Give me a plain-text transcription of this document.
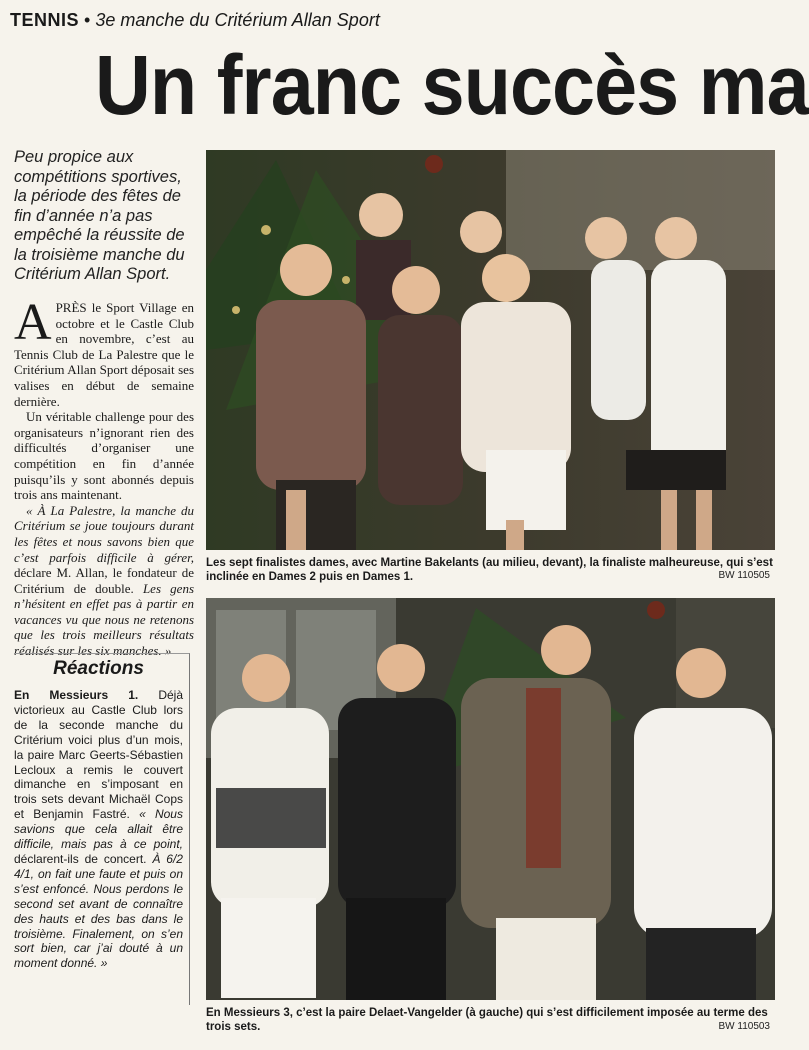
TENNIS • 3e manche du Critérium Allan Sport
Un franc succès ma
Peu propice aux compétitions sportives, la période des fêtes de fin d’année n’a pas empêché la réussite de la troisième manche du Critérium Allan Sport.

APRÈS le Sport Village en octobre et le Castle Club en novembre, c’est au Tennis Club de La Palestre que le Critérium Allan Sport déposait ses valises en début de semaine dernière.

Un véritable challenge pour des organisateurs n’ignorant rien des difficultés d’organiser une compétition en fin d’année puisqu’ils y sont abonnés depuis trois ans maintenant.

« À La Palestre, la manche du Critérium se joue toujours durant les fêtes et nous savons bien que c’est parfois difficile à gérer, déclare M. Allan, le fondateur de Critérium de double. Les gens n’hésitent en effet pas à partir en vacances vu que nous ne retenons que les trois meilleurs résultats réalisés sur les six manches. »

Réactions
En Messieurs 1. Déjà victorieux au Castle Club lors de la seconde manche du Critérium voici plus d’un mois, la paire Marc Geerts-Sébastien Lecloux a remis le couvert dimanche en s’imposant en trois sets devant Michaël Cops et Benjamin Fastré. « Nous savions que cela allait être difficile, mais pas à ce point, déclarent-ils de concert. À 6/2 4/1, on fait une faute et puis on s’est enfoncé. Nous perdons le second set avant de connaître des hauts et des bas dans le troisième. Finalement, on s’en sort bien, car j’ai douté à un moment donné. »
Les sept finalistes dames, avec Martine Bakelants (au milieu, devant), la finaliste malheureuse, qui s’est inclinée en Dames 2 puis en Dames 1.	BW 110505
En Messieurs 3, c’est la paire Delaet-Vangelder (à gauche) qui s’est difficilement imposée au terme des trois sets.	BW 110503
